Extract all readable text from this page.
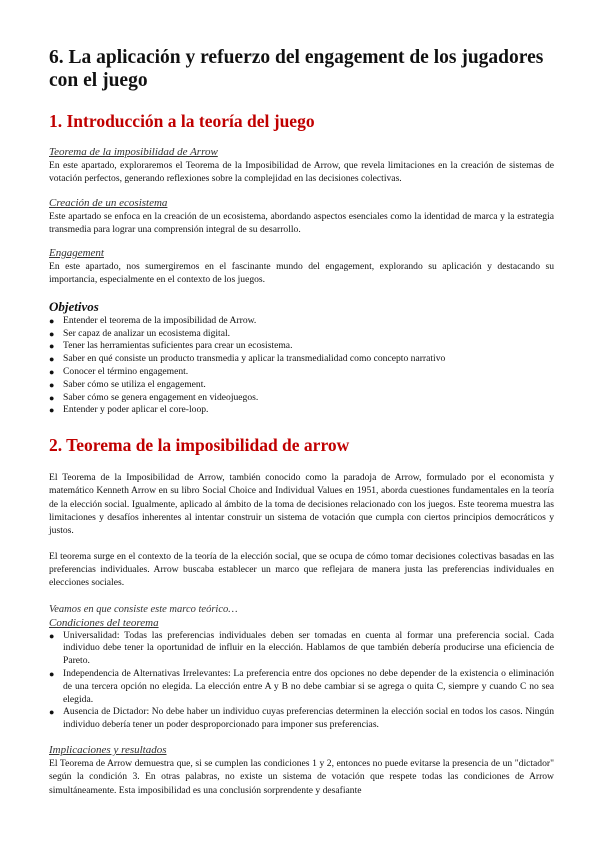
6. La aplicación y refuerzo del engagement de los jugadores con el juego
1. Introducción a la teoría del juego
Teorema de la imposibilidad de Arrow

En este apartado, exploraremos el Teorema de la Imposibilidad de Arrow, que revela limitaciones en la creación de sistemas de votación perfectos, generando reflexiones sobre la complejidad en las decisiones colectivas.

Creación de un ecosistema

Este apartado se enfoca en la creación de un ecosistema, abordando aspectos esenciales como la identidad de marca y la estrategia transmedia para lograr una comprensión integral de su desarrollo.

Engagement

En este apartado, nos sumergiremos en el fascinante mundo del engagement, explorando su aplicación y destacando su importancia, especialmente en el contexto de los juegos.

Objetivos
● Entender el teorema de la imposibilidad de Arrow.
● Ser capaz de analizar un ecosistema digital.
● Tener las herramientas suficientes para crear un ecosistema.
● Saber en qué consiste un producto transmedia y aplicar la transmedialidad como concepto narrativo
● Conocer el término engagement.
● Saber cómo se utiliza el engagement.
● Saber cómo se genera engagement en videojuegos.
● Entender y poder aplicar el core-loop.
2. Teorema de la imposibilidad de arrow

El Teorema de la Imposibilidad de Arrow, también conocido como la paradoja de Arrow, formulado por el economista y matemático Kenneth Arrow en su libro Social Choice and Individual Values en 1951, aborda cuestiones fundamentales en la teoría de la elección social. Igualmente, aplicado al ámbito de la toma de decisiones relacionado con los juegos. Este teorema muestra las limitaciones y desafíos inherentes al intentar construir un sistema de votación que cumpla con ciertos principios democráticos y justos.

El teorema surge en el contexto de la teoría de la elección social, que se ocupa de cómo tomar decisiones colectivas basadas en las preferencias individuales. Arrow buscaba establecer un marco que reflejara de manera justa las preferencias individuales en elecciones sociales.

Veamos en que consiste este marco teórico…
Condiciones del teorema
● Universalidad: Todas las preferencias individuales deben ser tomadas en cuenta al formar una preferencia social. Cada individuo debe tener la oportunidad de influir en la elección. Hablamos de que también debería producirse una eficiencia de Pareto.
● Independencia de Alternativas Irrelevantes: La preferencia entre dos opciones no debe depender de la existencia o eliminación de una tercera opción no elegida. La elección entre A y B no debe cambiar si se agrega o quita C, siempre y cuando C no sea elegida.
● Ausencia de Dictador: No debe haber un individuo cuyas preferencias determinen la elección social en todos los casos. Ningún individuo debería tener un poder desproporcionado para imponer sus preferencias.
Implicaciones y resultados

El Teorema de Arrow demuestra que, si se cumplen las condiciones 1 y 2, entonces no puede evitarse la presencia de un "dictador" según la condición 3. En otras palabras, no existe un sistema de votación que respete todas las condiciones de Arrow simultáneamente. Esta imposibilidad es una conclusión sorprendente y desafiante
